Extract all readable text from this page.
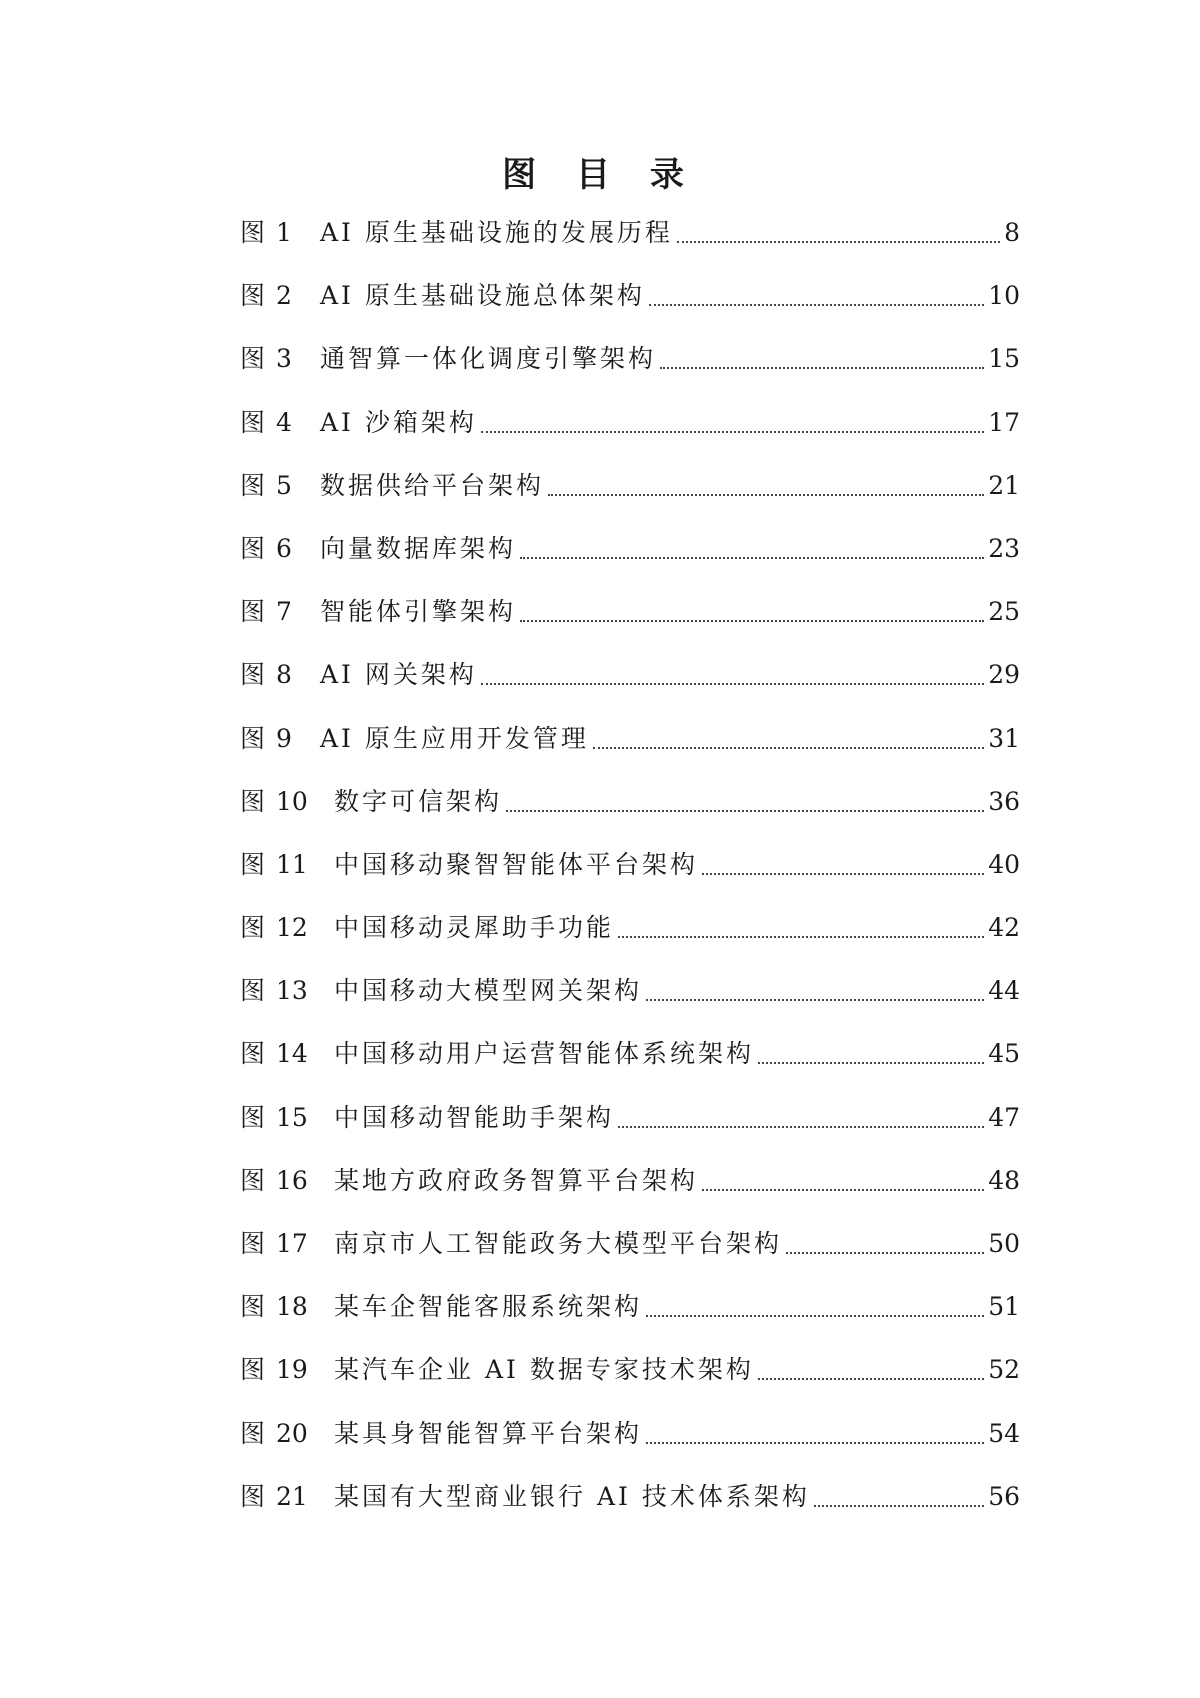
图 目 录
图 1	AI 原生基础设施的发展历程	8
图 2	AI 原生基础设施总体架构	10
图 3	通智算一体化调度引擎架构	15
图 4	AI 沙箱架构	17
图 5	数据供给平台架构	21
图 6	向量数据库架构	23
图 7	智能体引擎架构	25
图 8	AI 网关架构	29
图 9	AI 原生应用开发管理	31
图 10	数字可信架构	36
图 11	中国移动聚智智能体平台架构	40
图 12	中国移动灵犀助手功能	42
图 13	中国移动大模型网关架构	44
图 14	中国移动用户运营智能体系统架构	45
图 15	中国移动智能助手架构	47
图 16	某地方政府政务智算平台架构	48
图 17	南京市人工智能政务大模型平台架构	50
图 18	某车企智能客服系统架构	51
图 19	某汽车企业 AI 数据专家技术架构	52
图 20	某具身智能智算平台架构	54
图 21	某国有大型商业银行 AI 技术体系架构	56
